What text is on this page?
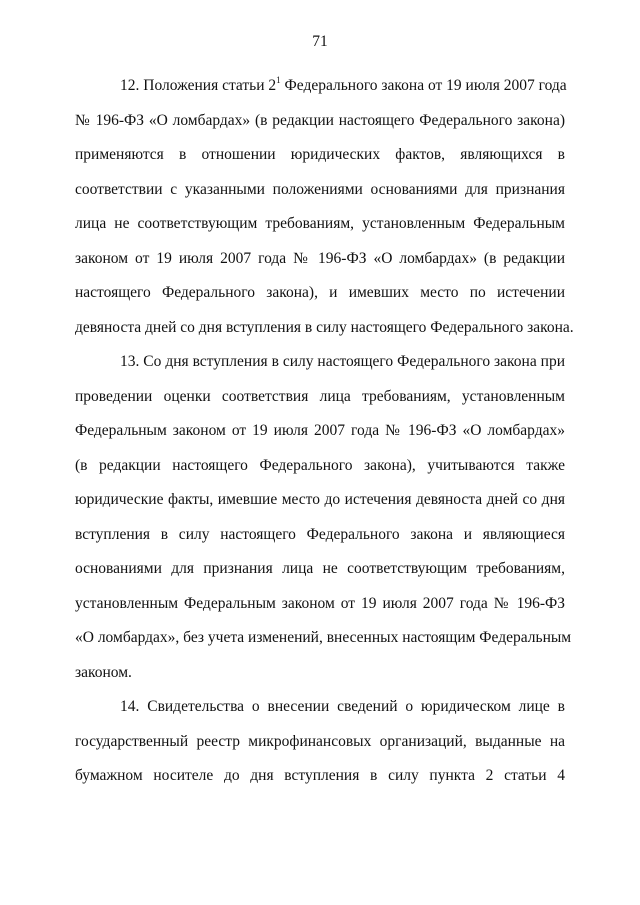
71
12. Положения статьи $2^1$ Федерального закона от 19 июля 2007 года
№ 196-ФЗ «О ломбардах» (в редакции настоящего Федерального закона)
применяются в отношении юридических фактов, являющихся в
соответствии с указанными положениями основаниями для признания
лица не соответствующим требованиям, установленным Федеральным
законом от 19 июля 2007 года № 196-ФЗ «О ломбардах» (в редакции
настоящего Федерального закона), и имевших место по истечении
девяноста дней со дня вступления в силу настоящего Федерального закона.
13. Со дня вступления в силу настоящего Федерального закона при
проведении оценки соответствия лица требованиям, установленным
Федеральным законом от 19 июля 2007 года № 196-ФЗ «О ломбардах»
(в редакции настоящего Федерального закона), учитываются также
юридические факты, имевшие место до истечения девяноста дней со дня
вступления в силу настоящего Федерального закона и являющиеся
основаниями для признания лица не соответствующим требованиям,
установленным Федеральным законом от 19 июля 2007 года № 196-ФЗ
«О ломбардах», без учета изменений, внесенных настоящим Федеральным
законом.
14. Свидетельства о внесении сведений о юридическом лице в
государственный реестр микрофинансовых организаций, выданные на
бумажном носителе до дня вступления в силу пункта 2 статьи 4
